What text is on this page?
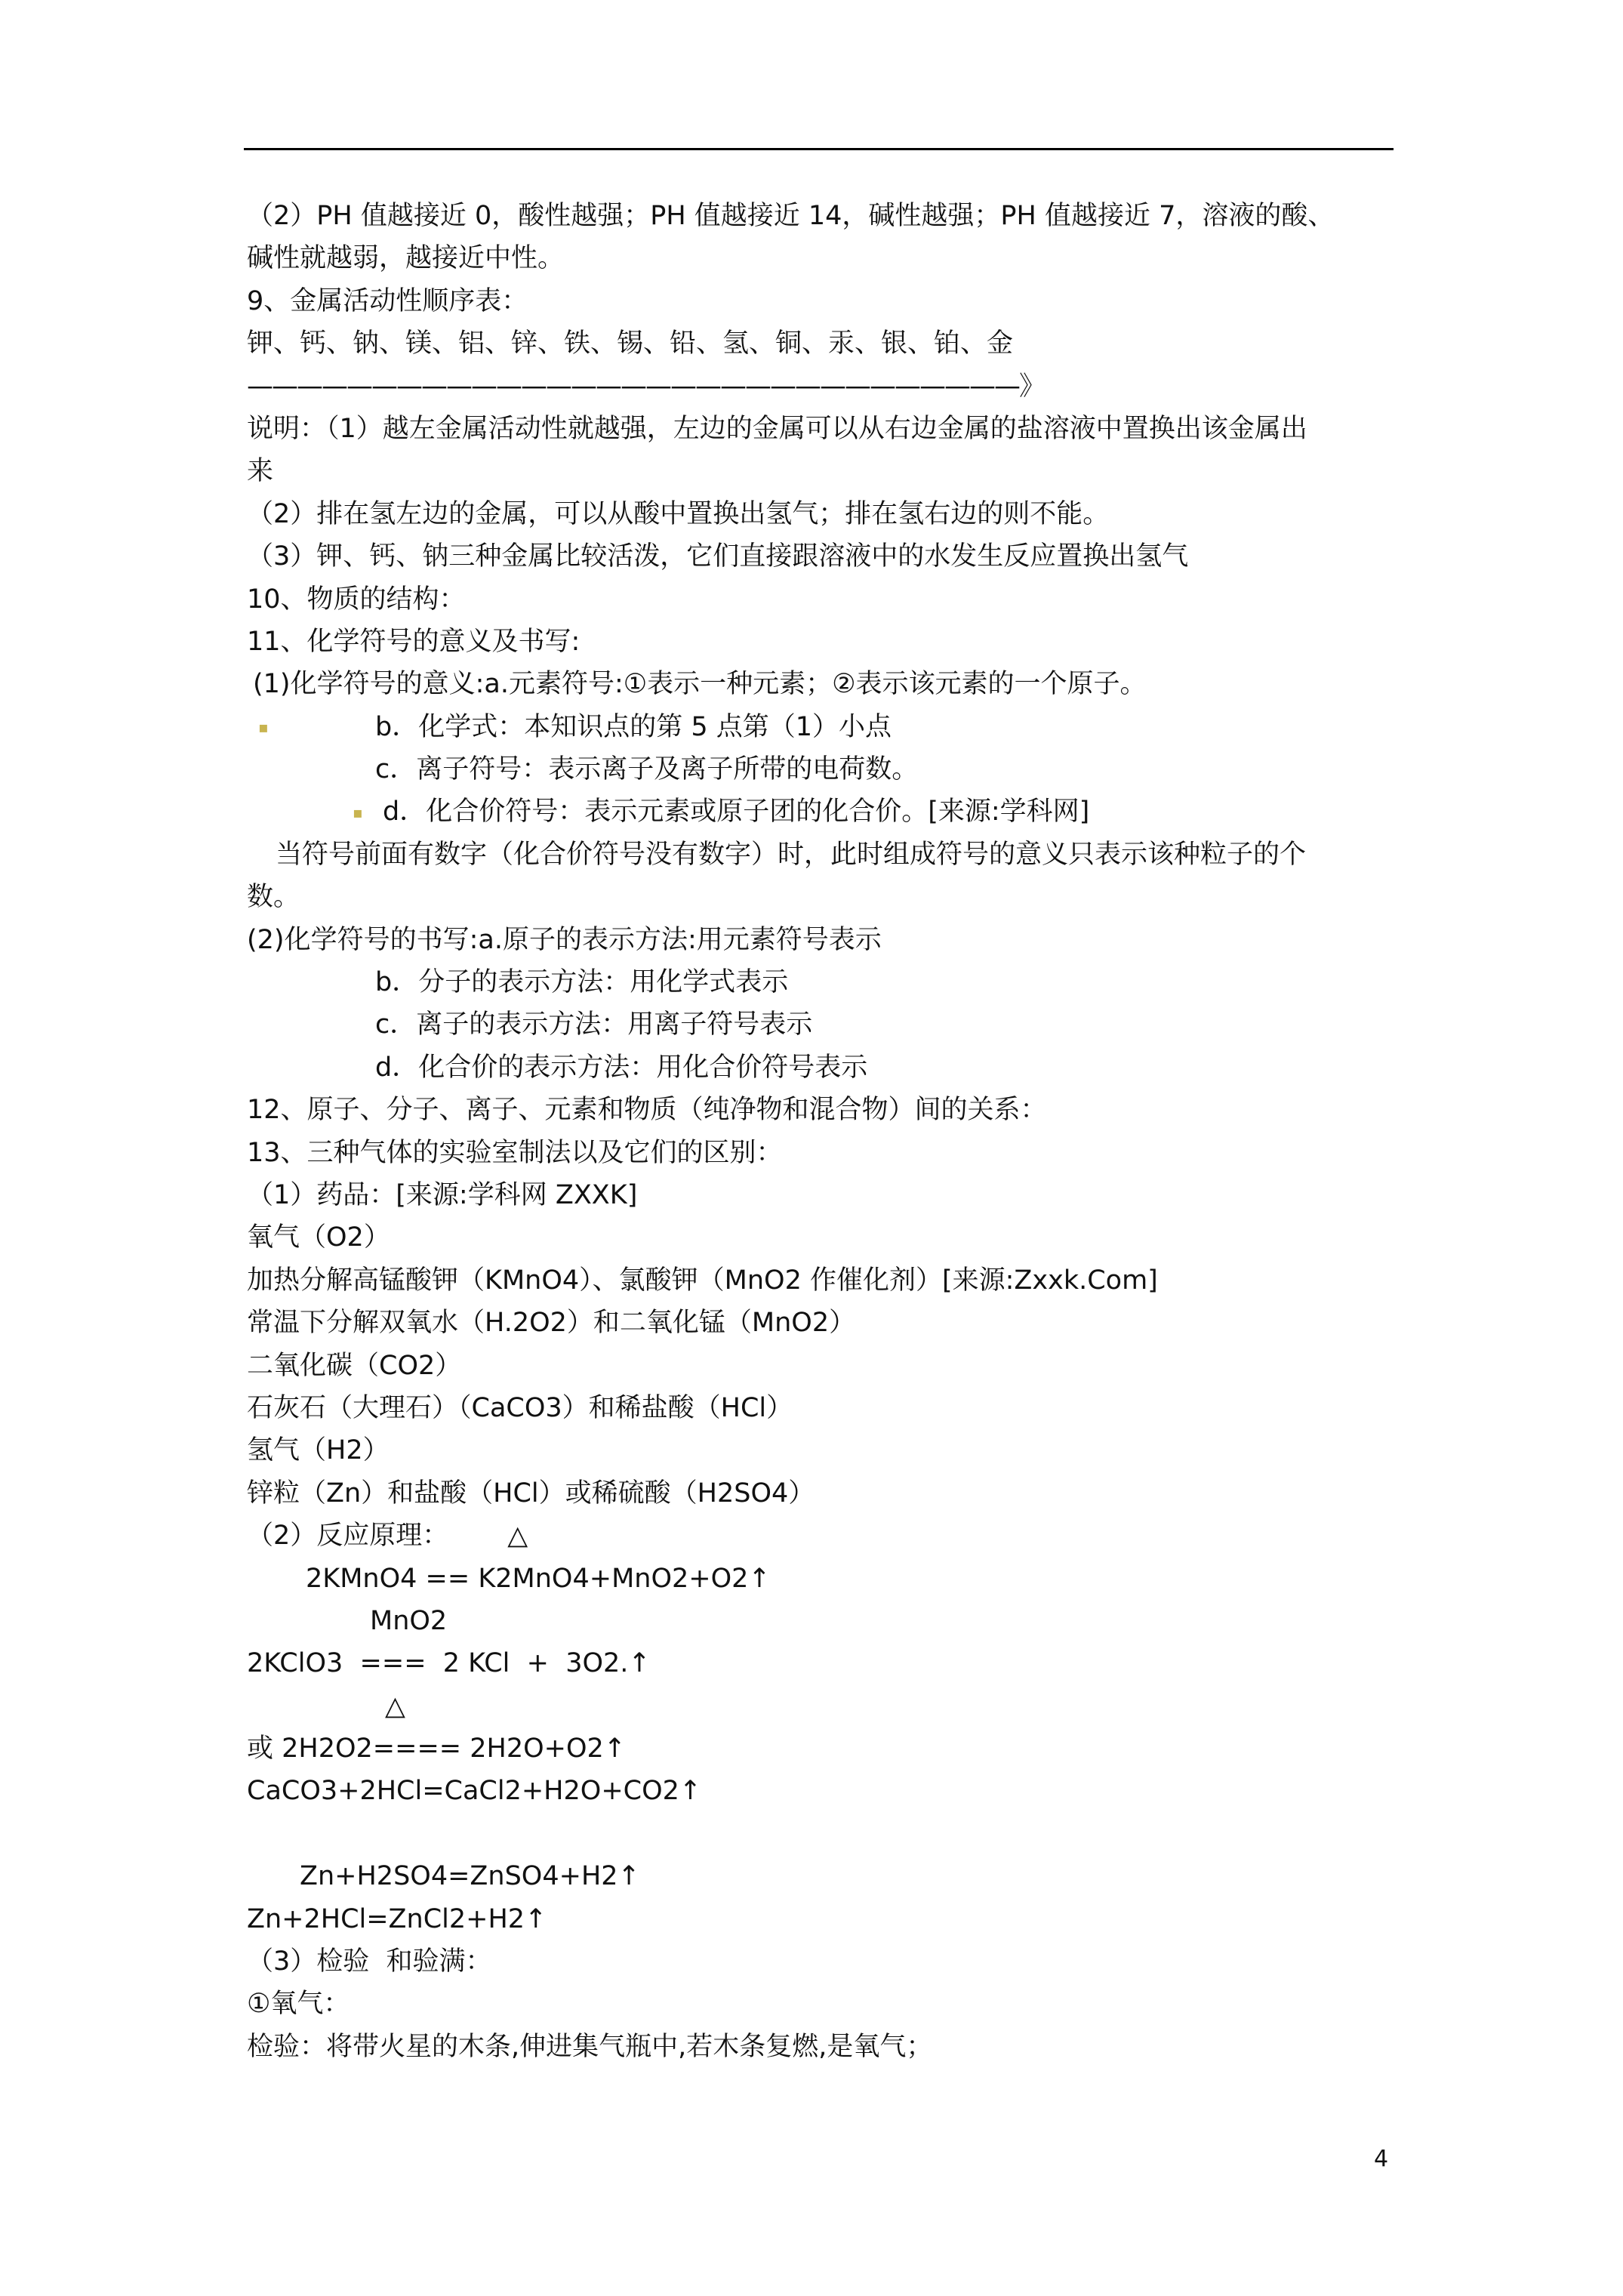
（2）PH 值越接近 0，酸性越强；PH 值越接近 14，碱性越强；PH 值越接近 7，溶液的酸、
碱性就越弱，越接近中性。
9、金属活动性顺序表：
钾、钙、钠、镁、铝、锌、铁、锡、铅、氢、铜、汞、银、铂、金
———————————————————————————————》
说明：（1）越左金属活动性就越强，左边的金属可以从右边金属的盐溶液中置换出该金属出
来
（2）排在氢左边的金属，可以从酸中置换出氢气；排在氢右边的则不能。
（3）钾、钙、钠三种金属比较活泼，它们直接跟溶液中的水发生反应置换出氢气
10、物质的结构：
11、化学符号的意义及书写:
(1)化学符号的意义:a.元素符号:①表示一种元素；②表示该元素的一个原子。
▪	b．化学式：本知识点的第 5 点第（1）小点
c．离子符号：表示离子及离子所带的电荷数。
▪ d．化合价符号：表示元素或原子团的化合价。[来源:学科网]
当符号前面有数字（化合价符号没有数字）时，此时组成符号的意义只表示该种粒子的个
数。
(2)化学符号的书写:a.原子的表示方法:用元素符号表示
b．分子的表示方法：用化学式表示
c．离子的表示方法：用离子符号表示
d．化合价的表示方法：用化合价符号表示
12、原子、分子、离子、元素和物质（纯净物和混合物）间的关系：
13、三种气体的实验室制法以及它们的区别：
（1）药品：[来源:学科网 ZXXK]
氧气（O2）
加热分解高锰酸钾（KMnO4）、氯酸钾（MnO2 作催化剂）[来源:Zxxk.Com]
常温下分解双氧水（H.2O2）和二氧化锰（MnO2）
二氧化碳（CO2）
石灰石（大理石）（CaCO3）和稀盐酸（HCl）
氢气（H2）
锌粒（Zn）和盐酸（HCl）或稀硫酸（H2SO4）
（2）反应原理： △
2KMnO4 == K2MnO4+MnO2+O2↑
MnO2
2KClO3  ===  2 KCl  +  3O2.↑
△
或 2H2O2==== 2H2O+O2↑
CaCO3+2HCl=CaCl2+H2O+CO2↑
Zn+H2SO4=ZnSO4+H2↑
Zn+2HCl=ZnCl2+H2↑
（3）检验  和验满：
①氧气：
检验：将带火星的木条,伸进集气瓶中,若木条复燃,是氧气；
4
